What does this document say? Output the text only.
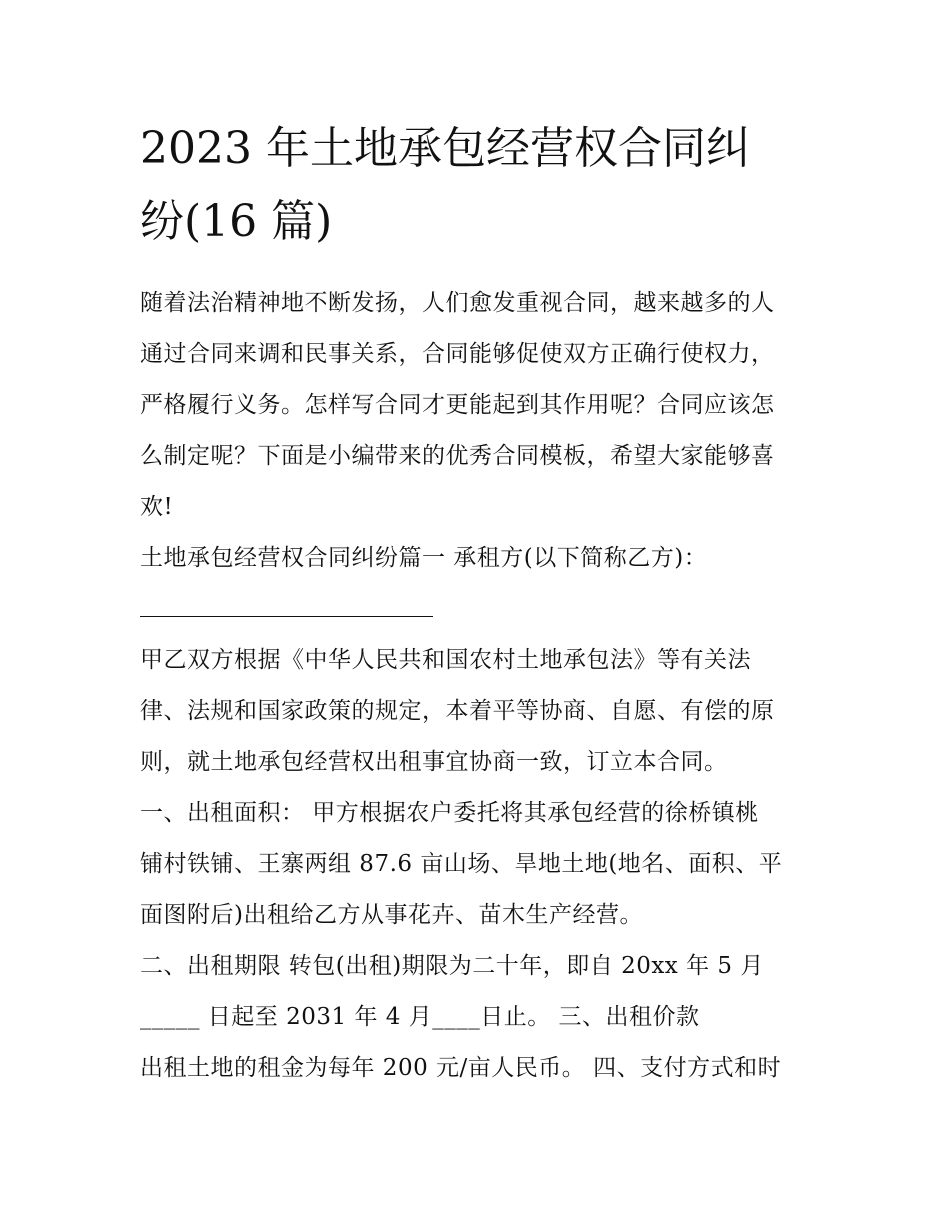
2023 年土地承包经营权合同纠
纷(16 篇)

随着法治精神地不断发扬，人们愈发重视合同，越来越多的人
通过合同来调和民事关系，合同能够促使双方正确行使权力，
严格履行义务。怎样写合同才更能起到其作用呢？合同应该怎
么制定呢？下面是小编带来的优秀合同模板，希望大家能够喜
欢!

土地承包经营权合同纠纷篇一 承租方(以下简称乙方)：

甲乙双方根据《中华人民共和国农村土地承包法》等有关法
律、法规和国家政策的规定，本着平等协商、自愿、有偿的原
则，就土地承包经营权出租事宜协商一致，订立本合同。
一、出租面积： 甲方根据农户委托将其承包经营的徐桥镇桃
铺村铁铺、王寨两组 87.6 亩山场、旱地土地(地名、面积、平
面图附后)出租给乙方从事花卉、苗木生产经营。
二、出租期限 转包(出租)期限为二十年，即自 20xx 年 5 月
_____ 日起至 2031 年 4 月____日止。 三、出租价款
出租土地的租金为每年 200 元/亩人民币。 四、支付方式和时
